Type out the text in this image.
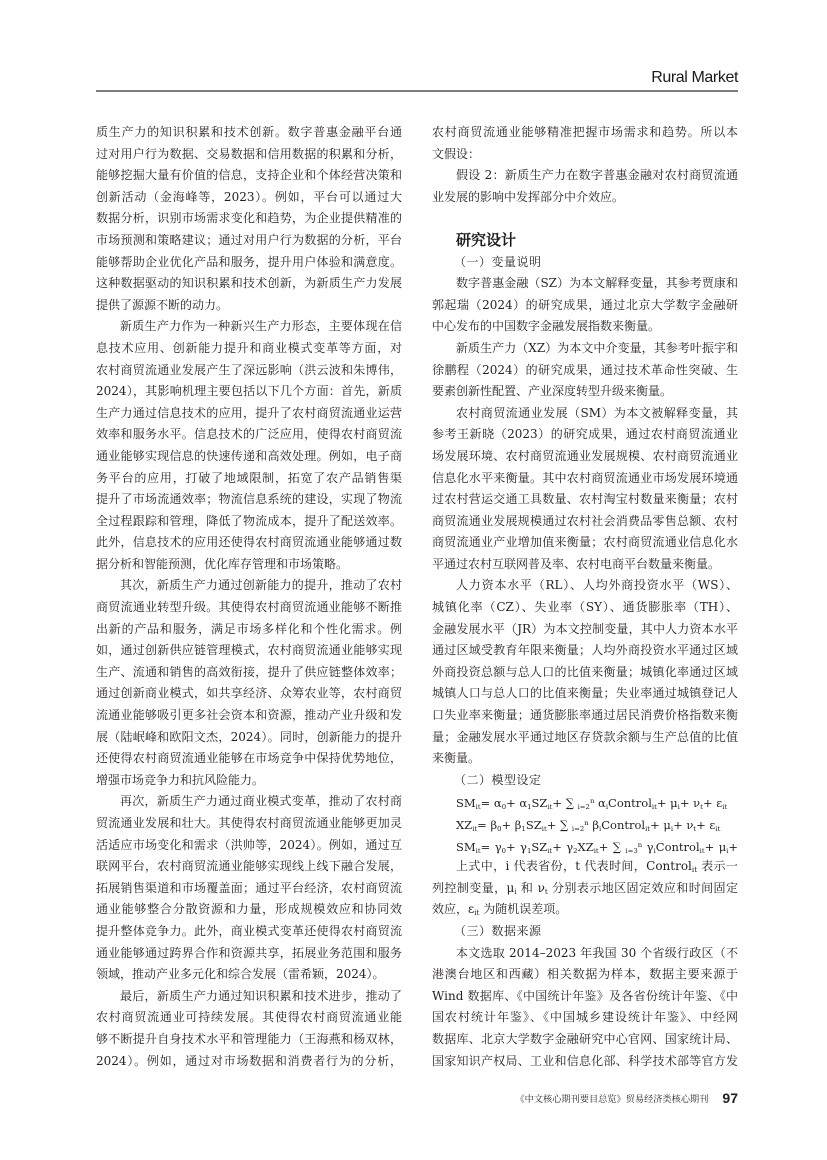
Rural Market
质生产力的知识积累和技术创新。数字普惠金融平台通
过对用户行为数据、交易数据和信用数据的积累和分析，
能够挖掘大量有价值的信息，支持企业和个体经营决策和
创新活动（金海峰等，2023）。例如，平台可以通过大
数据分析，识别市场需求变化和趋势，为企业提供精准的
市场预测和策略建议；通过对用户行为数据的分析，平台
能够帮助企业优化产品和服务，提升用户体验和满意度。
这种数据驱动的知识积累和技术创新，为新质生产力发展
提供了源源不断的动力。
新质生产力作为一种新兴生产力形态，主要体现在信
息技术应用、创新能力提升和商业模式变革等方面，对
农村商贸流通业发展产生了深远影响（洪云波和朱博伟，
2024），其影响机理主要包括以下几个方面：首先，新质
生产力通过信息技术的应用，提升了农村商贸流通业运营
效率和服务水平。信息技术的广泛应用，使得农村商贸流
通业能够实现信息的快速传递和高效处理。例如，电子商
务平台的应用，打破了地域限制，拓宽了农产品销售渠
提升了市场流通效率；物流信息系统的建设，实现了物流
全过程跟踪和管理，降低了物流成本，提升了配送效率。
此外，信息技术的应用还使得农村商贸流通业能够通过数
据分析和智能预测，优化库存管理和市场策略。
其次，新质生产力通过创新能力的提升，推动了农村
商贸流通业转型升级。其使得农村商贸流通业能够不断推
出新的产品和服务，满足市场多样化和个性化需求。例
如，通过创新供应链管理模式，农村商贸流通业能够实现
生产、流通和销售的高效衔接，提升了供应链整体效率；
通过创新商业模式，如共享经济、众筹农业等，农村商贸
流通业能够吸引更多社会资本和资源，推动产业升级和发
展（陆岷峰和欧阳文杰，2024）。同时，创新能力的提升
还使得农村商贸流通业能够在市场竞争中保持优势地位，
增强市场竞争力和抗风险能力。
再次，新质生产力通过商业模式变革，推动了农村商
贸流通业发展和壮大。其使得农村商贸流通业能够更加灵
活适应市场变化和需求（洪帅等，2024）。例如，通过互
联网平台，农村商贸流通业能够实现线上线下融合发展，
拓展销售渠道和市场覆盖面；通过平台经济，农村商贸流
通业能够整合分散资源和力量，形成规模效应和协同效
提升整体竞争力。此外，商业模式变革还使得农村商贸流
通业能够通过跨界合作和资源共享，拓展业务范围和服务
领域，推动产业多元化和综合发展（雷希颖，2024）。
最后，新质生产力通过知识积累和技术进步，推动了
农村商贸流通业可持续发展。其使得农村商贸流通业能
够不断提升自身技术水平和管理能力（王海燕和杨双林，
2024）。例如，通过对市场数据和消费者行为的分析，
农村商贸流通业能够精准把握市场需求和趋势。所以本
文假设：
假设 2：新质生产力在数字普惠金融对农村商贸流通
业发展的影响中发挥部分中介效应。
研究设计
（一）变量说明
数字普惠金融（SZ）为本文解释变量，其参考贾康和
郭起瑞（2024）的研究成果，通过北京大学数字金融研
中心发布的中国数字金融发展指数来衡量。
新质生产力（XZ）为本文中介变量，其参考叶振宇和
徐鹏程（2024）的研究成果，通过技术革命性突破、生
要素创新性配置、产业深度转型升级来衡量。
农村商贸流通业发展（SM）为本文被解释变量，其
参考王新晓（2023）的研究成果，通过农村商贸流通业
场发展环境、农村商贸流通业发展规模、农村商贸流通业
信息化水平来衡量。其中农村商贸流通业市场发展环境通
过农村营运交通工具数量、农村淘宝村数量来衡量；农村
商贸流通业发展规模通过农村社会消费品零售总额、农村
商贸流通业产业增加值来衡量；农村商贸流通业信息化水
平通过农村互联网普及率、农村电商平台数量来衡量。
人力资本水平（RL）、人均外商投资水平（WS）、
城镇化率（CZ）、失业率（SY）、通货膨胀率（TH）、
金融发展水平（JR）为本文控制变量，其中人力资本水平
通过区域受教育年限来衡量；人均外商投资水平通过区域
外商投资总额与总人口的比值来衡量；城镇化率通过区域
城镇人口与总人口的比值来衡量；失业率通过城镇登记人
口失业率来衡量；通货膨胀率通过居民消费价格指数来衡
量；金融发展水平通过地区存贷款余额与生产总值的比值
来衡量。
（二）模型设定
$SM_{it}= \alpha_0+ \alpha_1SZ_{it}+$ ∑ $_{i=2}^n$ $\alpha_iControl_{it}+ \mu_i+ \nu_t+ \varepsilon_{it}$
$XZ_{it}= \beta_0+ \beta_1SZ_{it}+$ ∑ $_{i=2}^n$ $\beta_iControl_{it}+ \mu_i+ \nu_t+ \varepsilon_{it}$
$SM_{it}= \gamma_0+ \gamma_1SZ_{it}+ \gamma_2XZ_{it}+$ ∑ $_{i=3}^n$ $\gamma_iControl_{it}+ \mu_i+$
上式中，i 代表省份，t 代表时间，Control$_{it}$ 表示一
列控制变量，$\mu_i$ 和 $\nu_t$ 分别表示地区固定效应和时间固定
效应，$\varepsilon_{it}$ 为随机误差项。
（三）数据来源
本文选取 2014–2023 年我国 30 个省级行政区（不
港澳台地区和西藏）相关数据为样本，数据主要来源于
Wind 数据库、《中国统计年鉴》及各省份统计年鉴、《中
国农村统计年鉴》、《中国城乡建设统计年鉴》、中经网
数据库、北京大学数字金融研究中心官网、国家统计局、
国家知识产权局、工业和信息化部、科学技术部等官方发
《中文核心期刊要目总览》贸易经济类核心期刊 97
